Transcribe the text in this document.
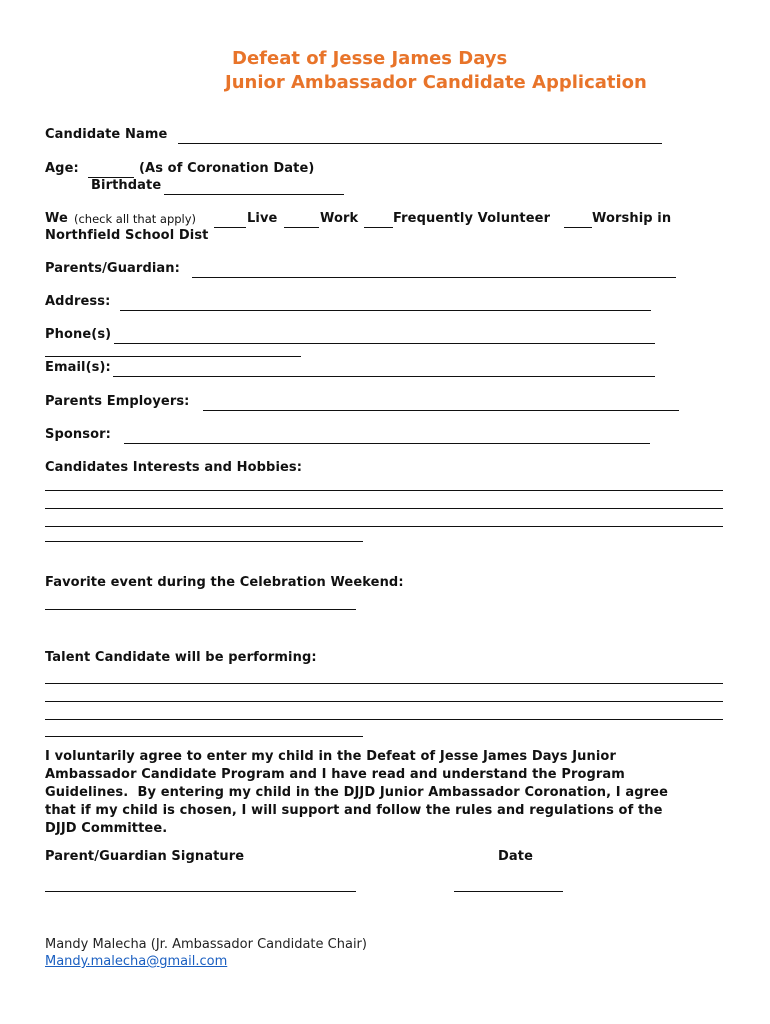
Defeat of Jesse James Days
Junior Ambassador Candidate Application
Candidate Name
Age:	(As of Coronation Date)
Birthdate
We (check all that apply)	Live	Work	Frequently Volunteer	Worship in
Northfield School Dist
Parents/Guardian:
Address:
Phone(s)
Email(s):
Parents Employers:
Sponsor:
Candidates Interests and Hobbies:
Favorite event during the Celebration Weekend:
Talent Candidate will be performing:
I voluntarily agree to enter my child in the Defeat of Jesse James Days Junior
Ambassador Candidate Program and I have read and understand the Program
Guidelines.  By entering my child in the DJJD Junior Ambassador Coronation, I agree
that if my child is chosen, I will support and follow the rules and regulations of the
DJJD Committee.
Parent/Guardian Signature	Date
Mandy Malecha (Jr. Ambassador Candidate Chair)
Mandy.malecha@gmail.com
